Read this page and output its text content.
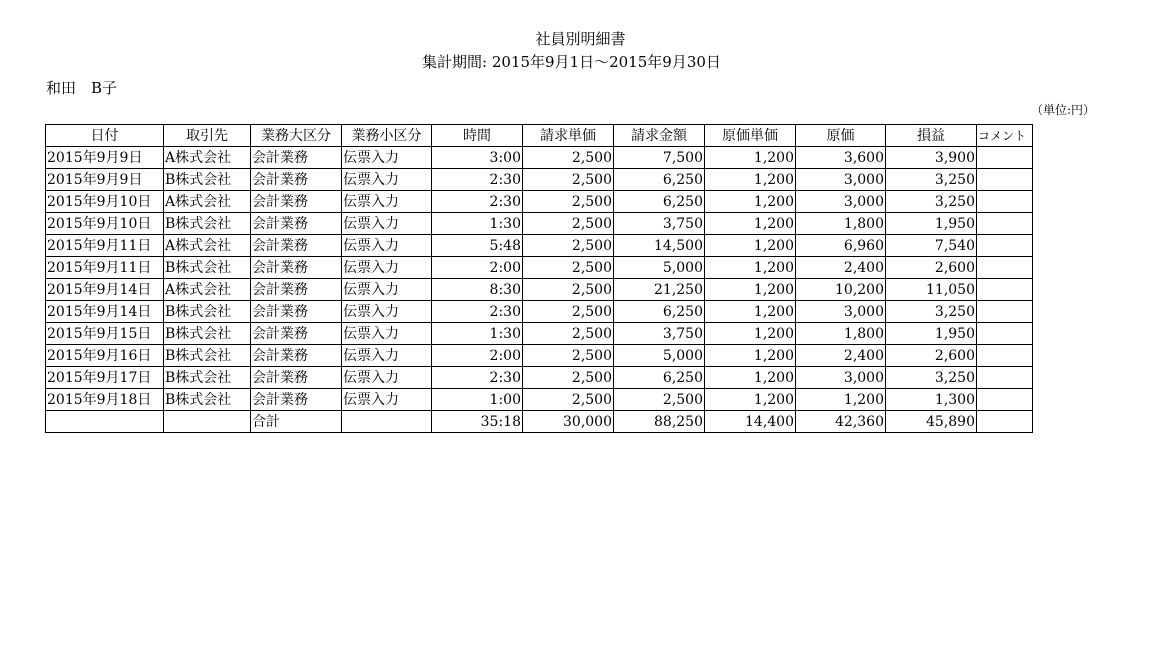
社員別明細書
集計期間: 2015年9月1日～2015年9月30日
和田　B子
（単位:円）
日付	取引先	業務大区分	業務小区分	時間	請求単価	請求金額	原価単価	原価	損益	コメント
2015年9月9日	A株式会社	会計業務	伝票入力	3:00	2,500	7,500	1,200	3,600	3,900	
2015年9月9日	B株式会社	会計業務	伝票入力	2:30	2,500	6,250	1,200	3,000	3,250	
2015年9月10日	A株式会社	会計業務	伝票入力	2:30	2,500	6,250	1,200	3,000	3,250	
2015年9月10日	B株式会社	会計業務	伝票入力	1:30	2,500	3,750	1,200	1,800	1,950	
2015年9月11日	A株式会社	会計業務	伝票入力	5:48	2,500	14,500	1,200	6,960	7,540	
2015年9月11日	B株式会社	会計業務	伝票入力	2:00	2,500	5,000	1,200	2,400	2,600	
2015年9月14日	A株式会社	会計業務	伝票入力	8:30	2,500	21,250	1,200	10,200	11,050	
2015年9月14日	B株式会社	会計業務	伝票入力	2:30	2,500	6,250	1,200	3,000	3,250	
2015年9月15日	B株式会社	会計業務	伝票入力	1:30	2,500	3,750	1,200	1,800	1,950	
2015年9月16日	B株式会社	会計業務	伝票入力	2:00	2,500	5,000	1,200	2,400	2,600	
2015年9月17日	B株式会社	会計業務	伝票入力	2:30	2,500	6,250	1,200	3,000	3,250	
2015年9月18日	B株式会社	会計業務	伝票入力	1:00	2,500	2,500	1,200	1,200	1,300	
		合計		35:18	30,000	88,250	14,400	42,360	45,890	
